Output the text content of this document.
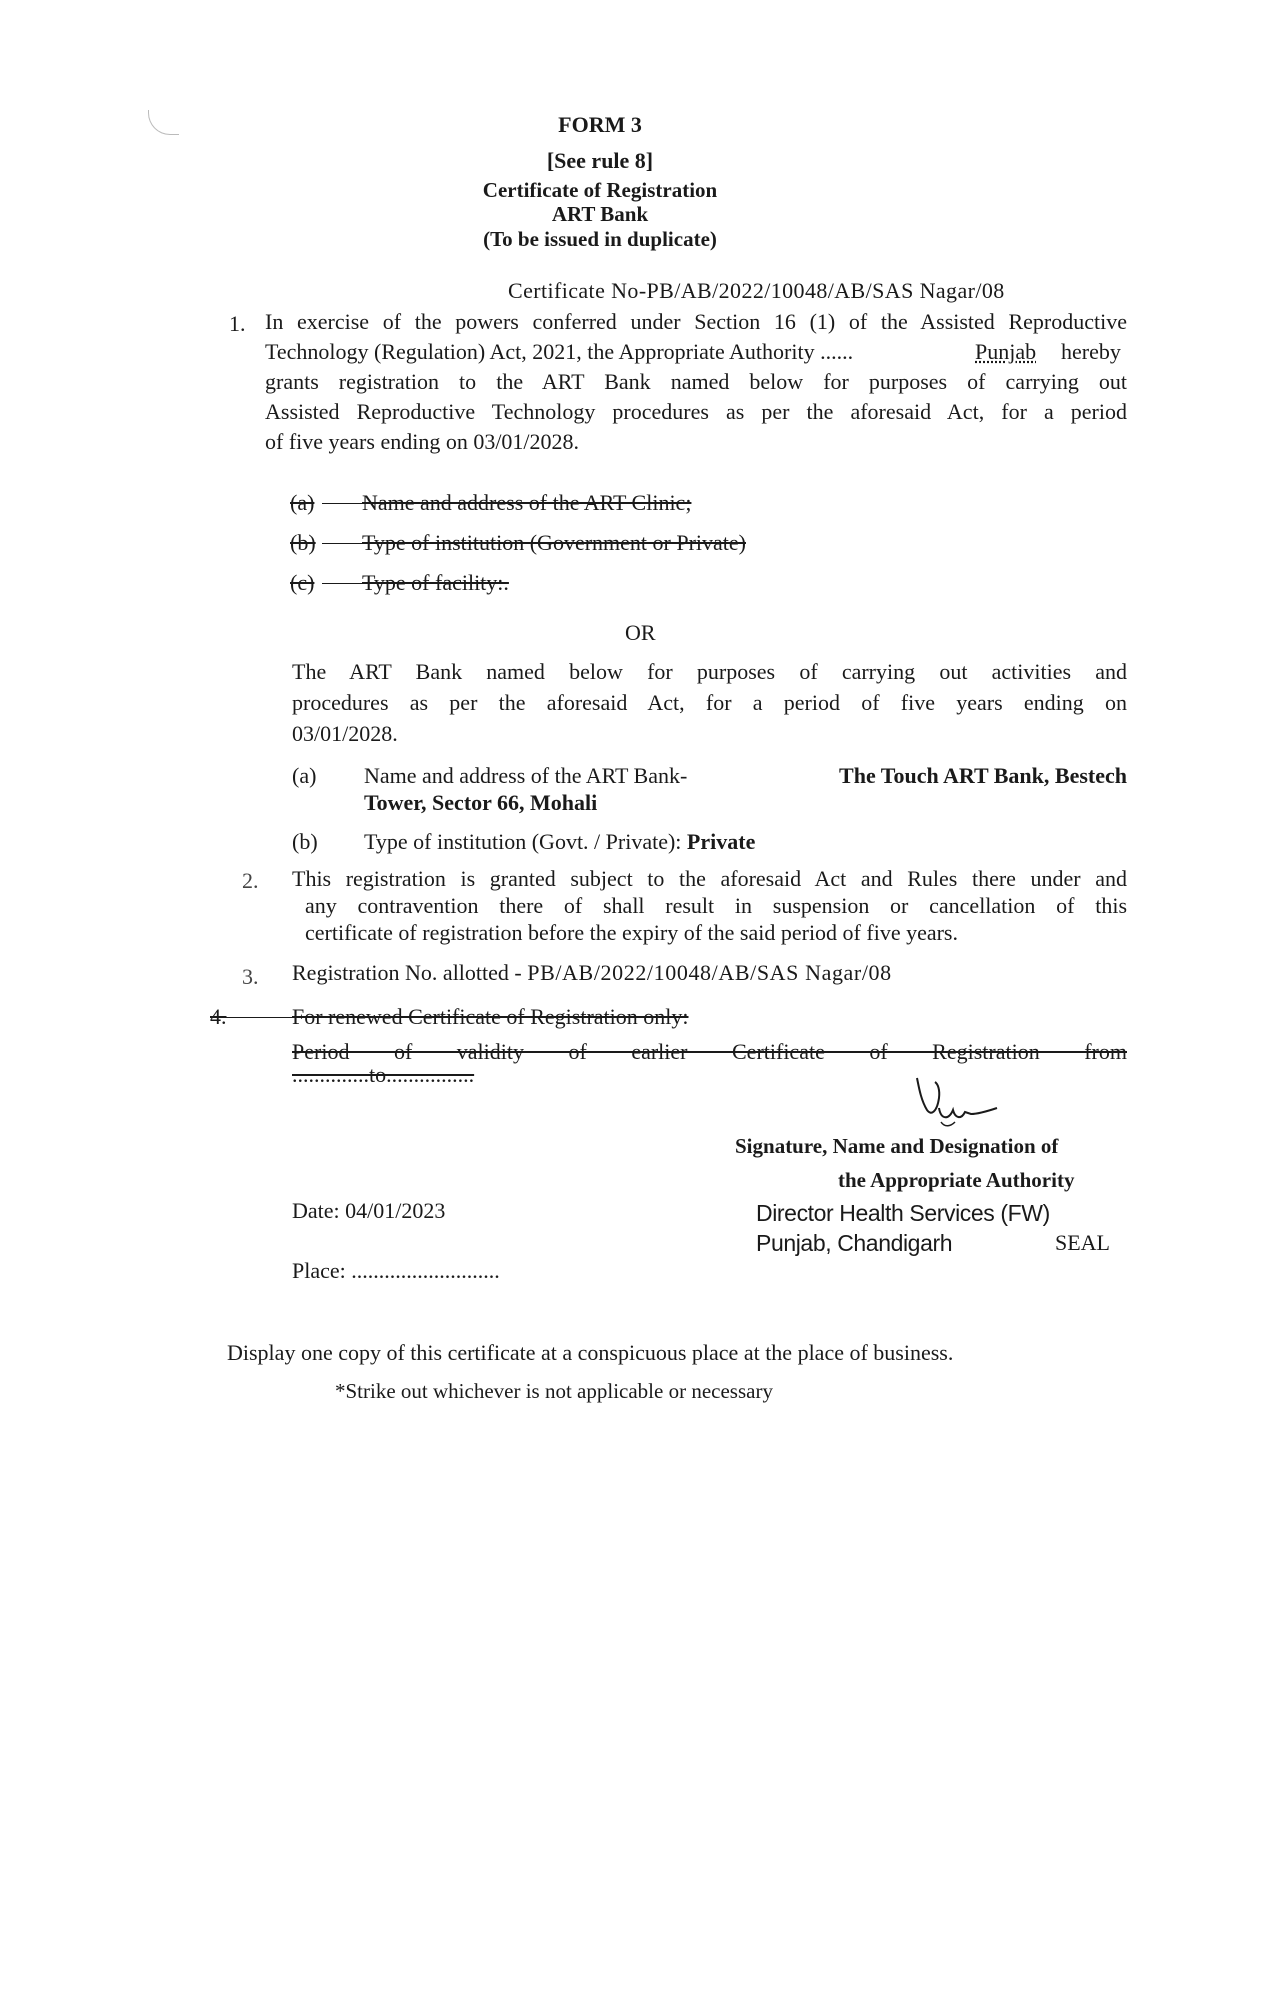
FORM 3
[See rule 8]
Certificate of Registration
ART Bank
(To be issued in duplicate)
Certificate No-PB/AB/2022/10048/AB/SAS Nagar/08
1. In exercise of the powers conferred under Section 16 (1) of the Assisted Reproductive
Technology (Regulation) Act, 2021, the Appropriate Authority ......	Punjab hereby
grants registration to the ART Bank named below for purposes of carrying out
Assisted Reproductive Technology procedures as per the aforesaid Act, for a period
of five years ending on 03/01/2028.
(a) Name and address of the ART Clinic;
(b) Type of institution (Government or Private)
(c) Type of facility:.
OR
The ART Bank named below for purposes of carrying out activities and
procedures as per the aforesaid Act, for a period of five years ending on
03/01/2028.
(a) Name and address of the ART Bank-	The Touch ART Bank, Bestech
Tower, Sector 66, Mohali
(b) Type of institution (Govt. / Private): Private
2. This registration is granted subject to the aforesaid Act and Rules there under and
any contravention there of shall result in suspension or cancellation of this
certificate of registration before the expiry of the said period of five years.
3. Registration No. allotted - PB/AB/2022/10048/AB/SAS Nagar/08
4.	For renewed Certificate of Registration only:
Period of validity of earlier Certificate of Registration from
..............to................
Signature, Name and Designation of
the Appropriate Authority
Date: 04/01/2023	Director Health Services (FW)
Punjab, Chandigarh	SEAL
Place: ...........................
Display one copy of this certificate at a conspicuous place at the place of business.
*Strike out whichever is not applicable or necessary
